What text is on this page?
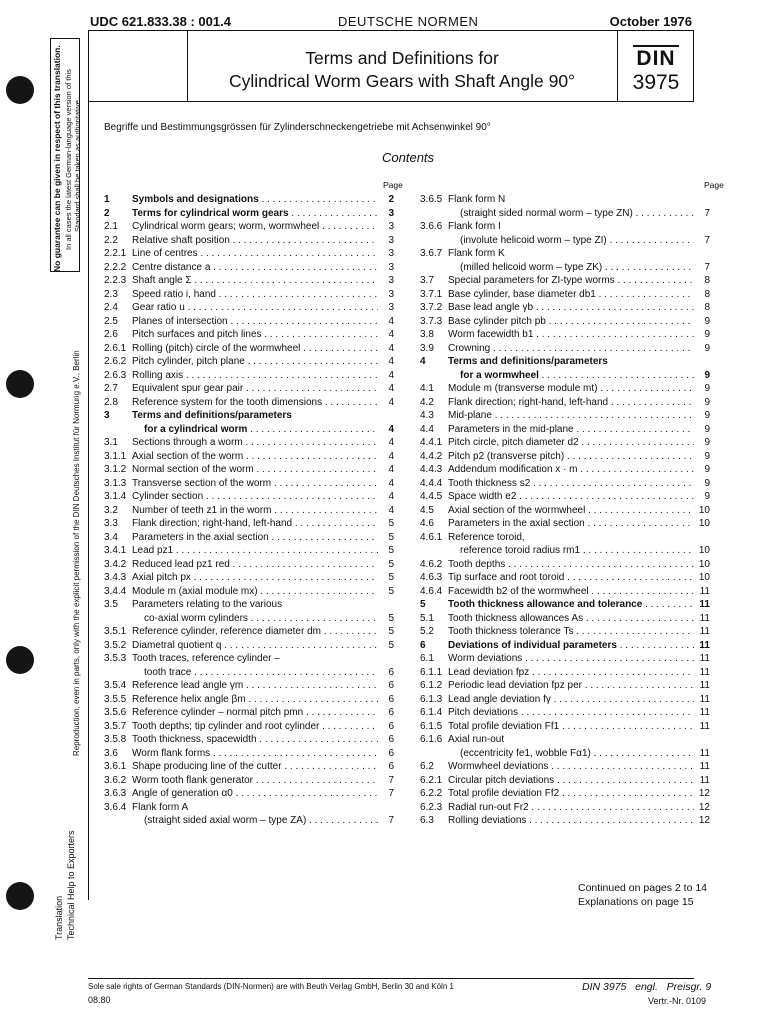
UDC 621.833.38 : 001.4	DEUTSCHE NORMEN	October 1976
Terms and Definitions for
Cylindrical Worm Gears with Shaft Angle 90°
DIN
3975
Begriffe und Bestimmungsgrössen für Zylinderschneckengetriebe mit Achsenwinkel 90°
Contents
Page	Page
1 Symbols and designations . . .	2
2 Terms for cylindrical worm gears . . .	3
2.1 Cylindrical worm gears; worm, wormwheel . . .	3
2.2 Relative shaft position . . .	3
2.2.1 Line of centres . . .	3
2.2.2 Centre distance a . . .	3
2.2.3 Shaft angle Σ . . .	3
2.3 Speed ratio i, hand . . .	3
2.4 Gear ratio u . . .	3
2.5 Planes of intersection . . .	4
2.6 Pitch surfaces and pitch lines . . .	4
2.6.1 Rolling (pitch) circle of the wormwheel . . .	4
2.6.2 Pitch cylinder, pitch plane . . .	4
2.6.3 Rolling axis . . .	4
2.7 Equivalent spur gear pair . . .	4
2.8 Reference system for the tooth dimensions . . .	4
3 Terms and definitions/parameters
for a cylindrical worm . . .	4
3.1 Sections through a worm . . .	4
3.1.1 Axial section of the worm . . .	4
3.1.2 Normal section of the worm . . .	4
3.1.3 Transverse section of the worm . . .	4
3.1.4 Cylinder section . . .	4
3.2 Number of teeth z1 in the worm . . .	4
3.3 Flank direction; right-hand, left-hand . . .	5
3.4 Parameters in the axial section . . .	5
3.4.1 Lead pz1 . . .	5
3.4.2 Reduced lead pz1 red . . .	5
3.4.3 Axial pitch px . . .	5
3.4.4 Module m (axial module mx) . . .	5
3.5 Parameters relating to the various
co-axial worm cylinders . . .	5
3.5.1 Reference cylinder, reference diameter dm . . .	5
3.5.2 Diametral quotient q . . .	5
3.5.3 Tooth traces, reference cylinder –
tooth trace . . .	6
3.5.4 Reference lead angle γm . . .	6
3.5.5 Reference helix angle βm . . .	6
3.5.6 Reference cylinder – normal pitch pmn . . .	6
3.5.7 Tooth depths; tip cylinder and root cylinder . . .	6
3.5.8 Tooth thickness, spacewidth . . .	6
3.6 Worm flank forms . . .	6
3.6.1 Shape producing line of the cutter . . .	6
3.6.2 Worm tooth flank generator . . .	7
3.6.3 Angle of generation α0 . . .	7
3.6.4 Flank form A
(straight sided axial worm – type ZA) . . .	7
3.6.5 Flank form N
(straight sided normal worm – type ZN) . . .	7
3.6.6 Flank form I
(involute helicoid worm – type ZI) . . .	7
3.6.7 Flank form K
(milled helicoid worm – type ZK) . . .	7
3.7 Special parameters for ZI-type worms . . .	8
3.7.1 Base cylinder, base diameter db1 . . .	8
3.7.2 Base lead angle γb . . .	8
3.7.3 Base cylinder pitch pb . . .	9
3.8 Worm facewidth b1 . . .	9
3.9 Crowning . . .	9
4 Terms and definitions/parameters
for a wormwheel . . .	9
4.1 Module m (transverse module mt) . . .	9
4.2 Flank direction; right-hand, left-hand . . .	9
4.3 Mid-plane . . .	9
4.4 Parameters in the mid-plane . . .	9
4.4.1 Pitch circle, pitch diameter d2 . . .	9
4.4.2 Pitch p2 (transverse pitch) . . .	9
4.4.3 Addendum modification x · m . . .	9
4.4.4 Tooth thickness s2 . . .	9
4.4.5 Space width e2 . . .	9
4.5 Axial section of the wormwheel . . .	10
4.6 Parameters in the axial section . . .	10
4.6.1 Reference toroid,
reference toroid radius rm1 . . .	10
4.6.2 Tooth depths . . .	10
4.6.3 Tip surface and root toroid . . .	10
4.6.4 Facewidth b2 of the wormwheel . . .	11
5 Tooth thickness allowance and tolerance . . .	11
5.1 Tooth thickness allowances As . . .	11
5.2 Tooth thickness tolerance Ts . . .	11
6 Deviations of individual parameters . . .	11
6.1 Worm deviations . . .	11
6.1.1 Lead deviation fpz . . .	11
6.1.2 Periodic lead deviation fpz per . . .	11
6.1.3 Lead angle deviation fγ . . .	11
6.1.4 Pitch deviations . . .	11
6.1.5 Total profile deviation Ff1 . . .	11
6.1.6 Axial run-out
(eccentricity fe1, wobble Fα1) . . .	11
6.2 Wormwheel deviations . . .	11
6.2.1 Circular pitch deviations . . .	11
6.2.2 Total profile deviation Ff2 . . .	12
6.2.3 Radial run-out Fr2 . . .	12
6.3 Rolling deviations . . .	12
Continued on pages 2 to 14
Explanations on page 15
No guarantee can be given in respect of this translation. In all cases the latest German-language version of this Standard shall be taken as authoritative
Reproduction, even in parts, only with the explicit permission of the DIN Deutsches Institut für Normung e.V., Berlin
Translation Technical Help to Exporters
Sole sale rights of German Standards (DIN-Normen) are with Beuth Verlag GmbH, Berlin 30 and Köln 1
08.80
DIN 3975 engl. Preisgr. 9
Vertr.-Nr. 0109
